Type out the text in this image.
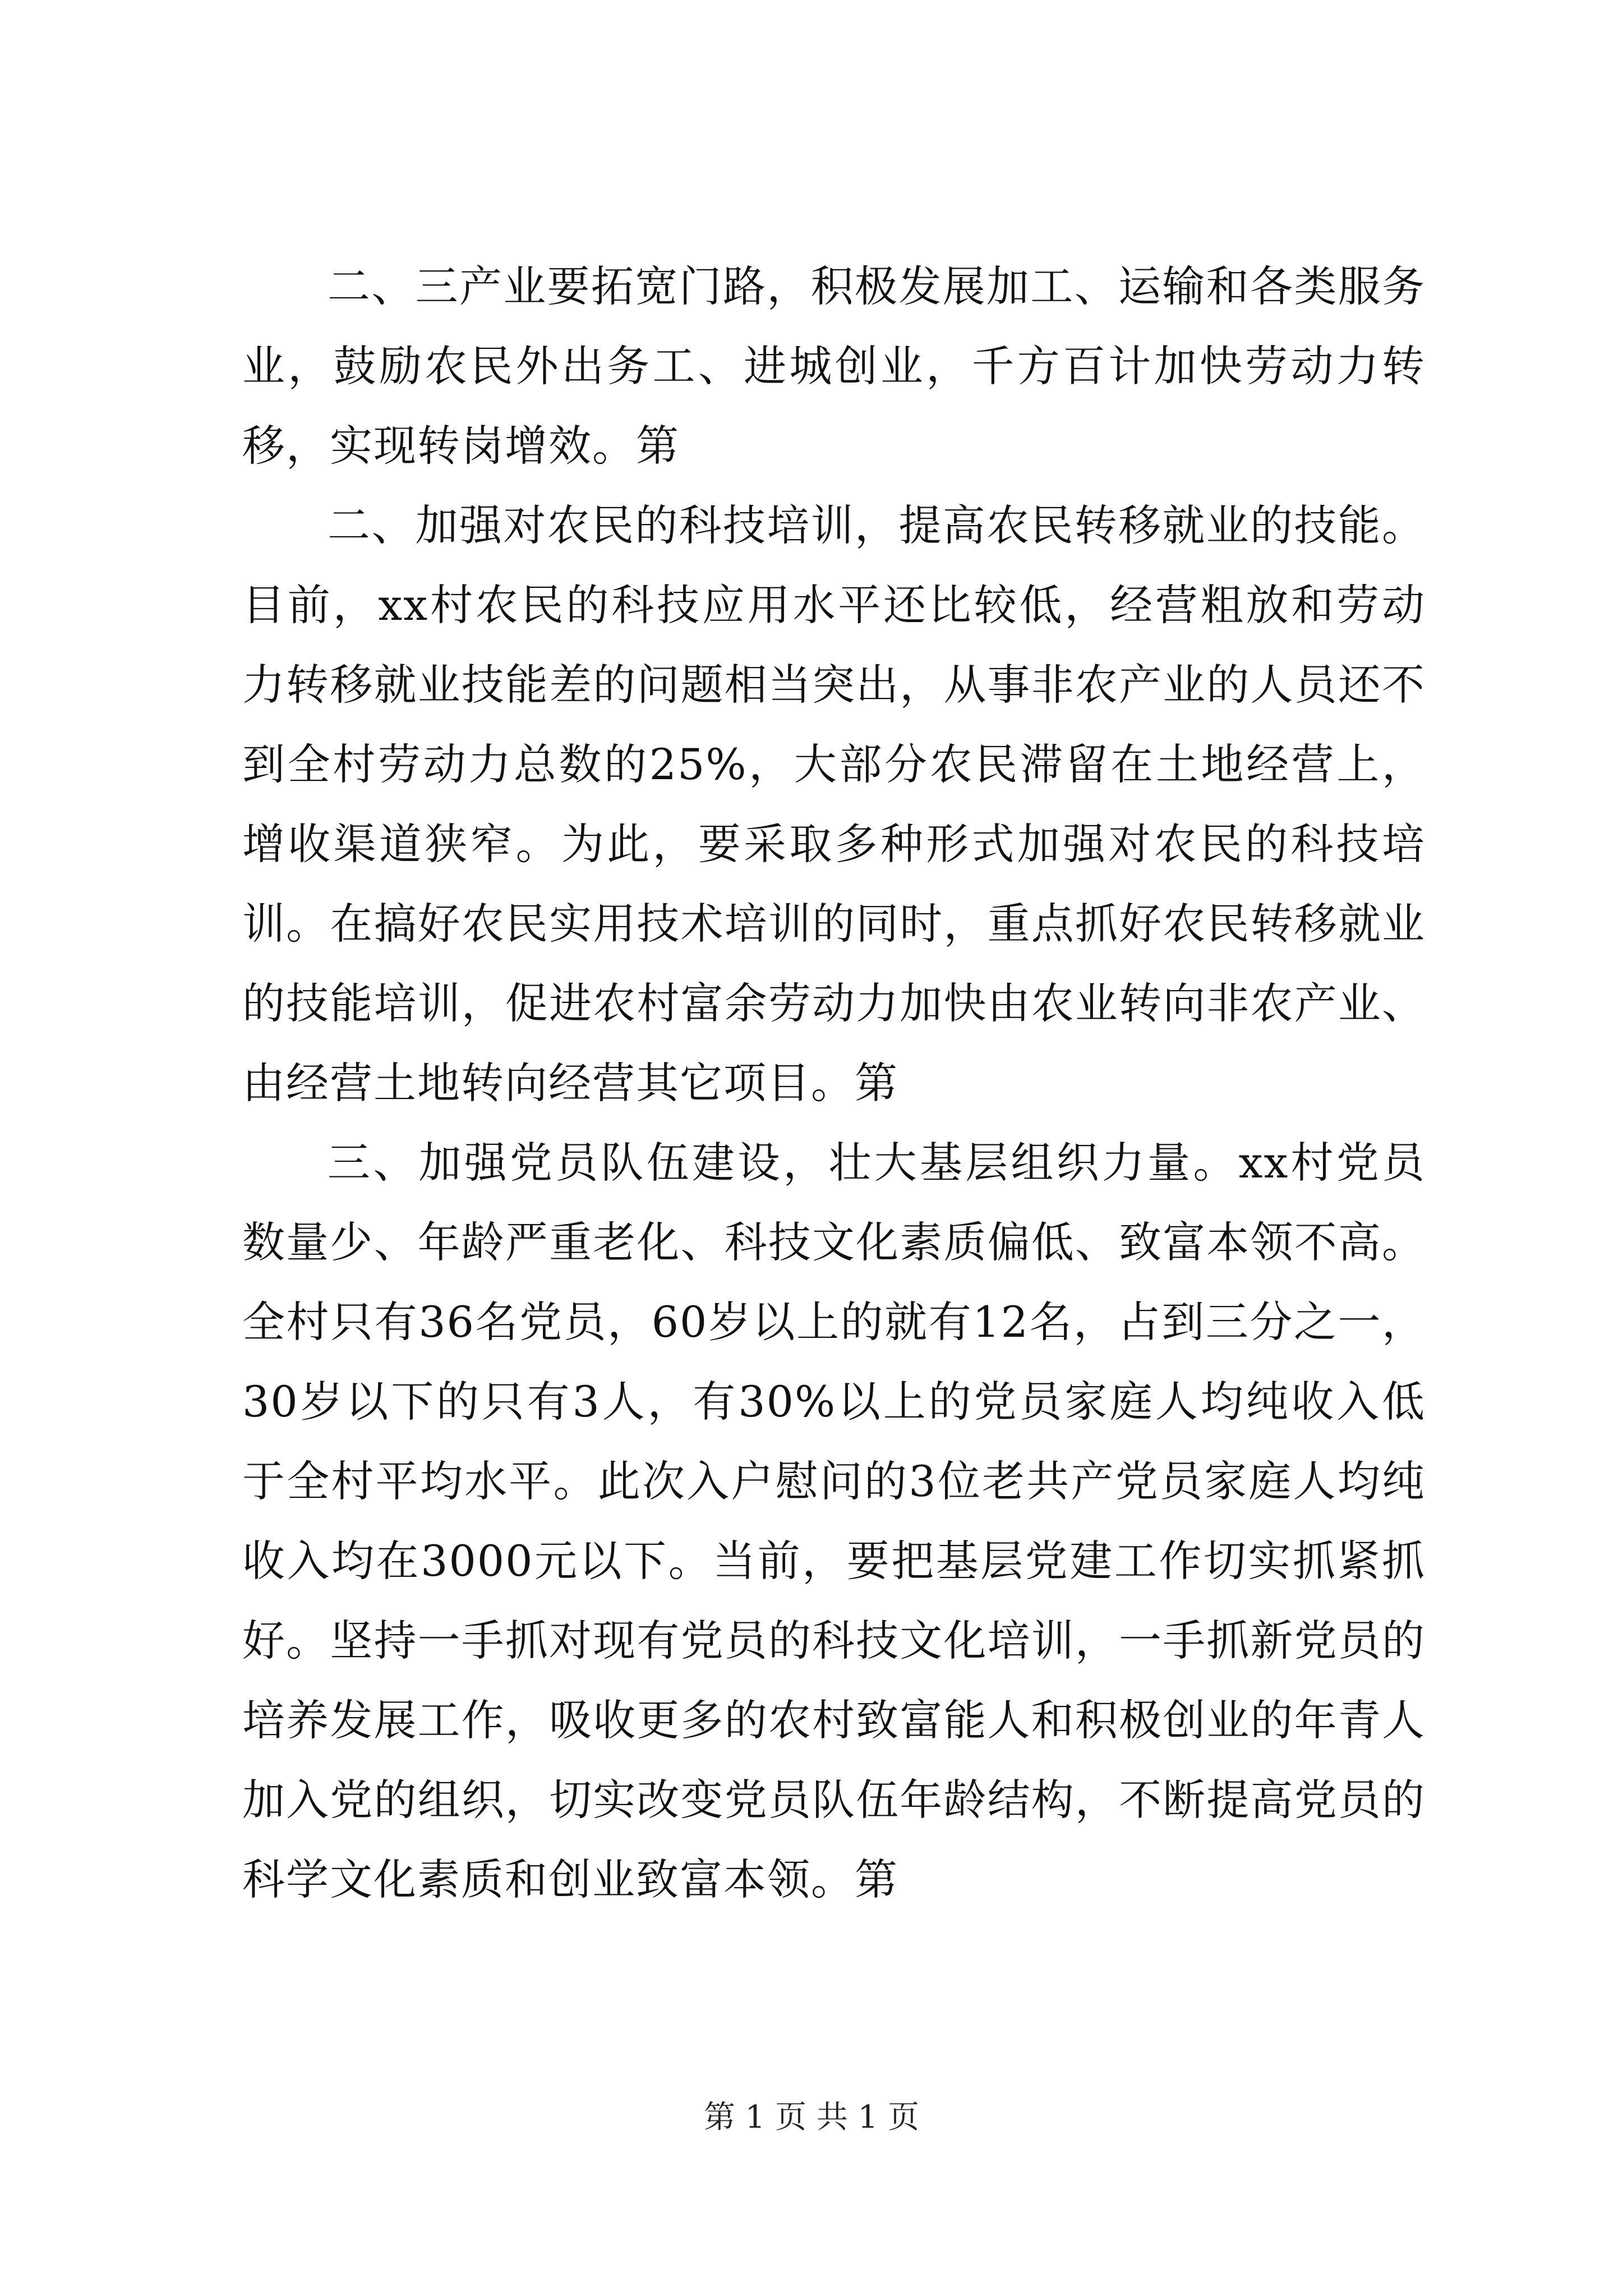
二、三产业要拓宽门路，积极发展加工、运输和各类服务业，鼓励农民外出务工、进城创业，千方百计加快劳动力转移，实现转岗增效。第

二、加强对农民的科技培训，提高农民转移就业的技能。目前，xx村农民的科技应用水平还比较低，经营粗放和劳动力转移就业技能差的问题相当突出，从事非农产业的人员还不到全村劳动力总数的25%，大部分农民滞留在土地经营上，增收渠道狭窄。为此，要采取多种形式加强对农民的科技培训。在搞好农民实用技术培训的同时，重点抓好农民转移就业的技能培训，促进农村富余劳动力加快由农业转向非农产业、由经营土地转向经营其它项目。第

三、加强党员队伍建设，壮大基层组织力量。xx村党员数量少、年龄严重老化、科技文化素质偏低、致富本领不高。全村只有36名党员，60岁以上的就有12名，占到三分之一，30岁以下的只有3人，有30%以上的党员家庭人均纯收入低于全村平均水平。此次入户慰问的3位老共产党员家庭人均纯收入均在3000元以下。当前，要把基层党建工作切实抓紧抓好。坚持一手抓对现有党员的科技文化培训，一手抓新党员的培养发展工作，吸收更多的农村致富能人和积极创业的年青人加入党的组织，切实改变党员队伍年龄结构，不断提高党员的科学文化素质和创业致富本领。第

第 1 页 共 1 页
